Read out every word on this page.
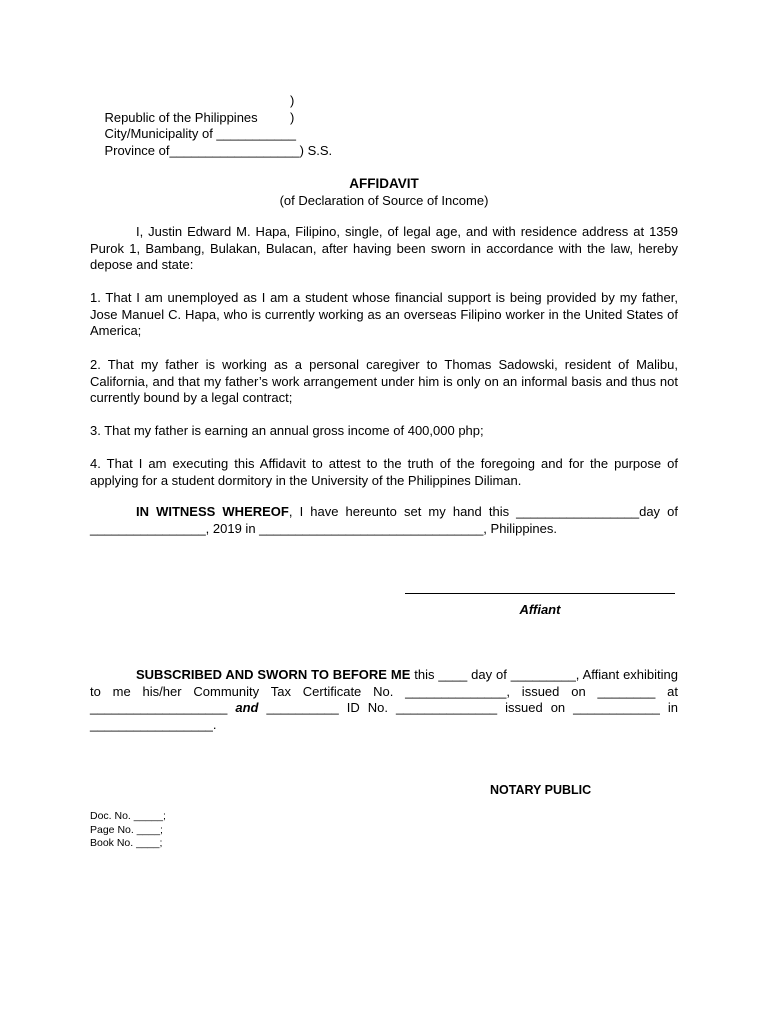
Republic of the Philippines

)

City/Municipality of ___________

)

Province of__________________) S.S.

AFFIDAVIT
(of Declaration of Source of Income)
I, Justin Edward M. Hapa, Filipino, single, of legal age, and with residence address at 1359 Purok 1, Bambang, Bulakan, Bulacan, after having been sworn in accordance with the law, hereby depose and state:
1. That I am unemployed as I am a student whose financial support is being provided by my father, Jose Manuel C. Hapa, who is currently working as an overseas Filipino worker in the United States of America;
2. That my father is working as a personal caregiver to Thomas Sadowski, resident of Malibu, California, and that my father’s work arrangement under him is only on an informal basis and thus not currently bound by a legal contract;
3. That my father is earning an annual gross income of 400,000 php;
4. That I am executing this Affidavit to attest to the truth of the foregoing and for the purpose of applying for a student dormitory in the University of the Philippines Diliman.
IN WITNESS WHEREOF, I have hereunto set my hand this _________________day of ________________, 2019 in _______________________________, Philippines.
Affiant
SUBSCRIBED AND SWORN TO BEFORE ME this ____ day of _________, Affiant exhibiting to me his/her Community Tax Certificate No. ______________, issued on ________ at ___________________ and __________ ID No. ______________ issued on ____________ in _________________.
NOTARY PUBLIC
Doc. No. _____;
Page No. ____;
Book No. ____;
